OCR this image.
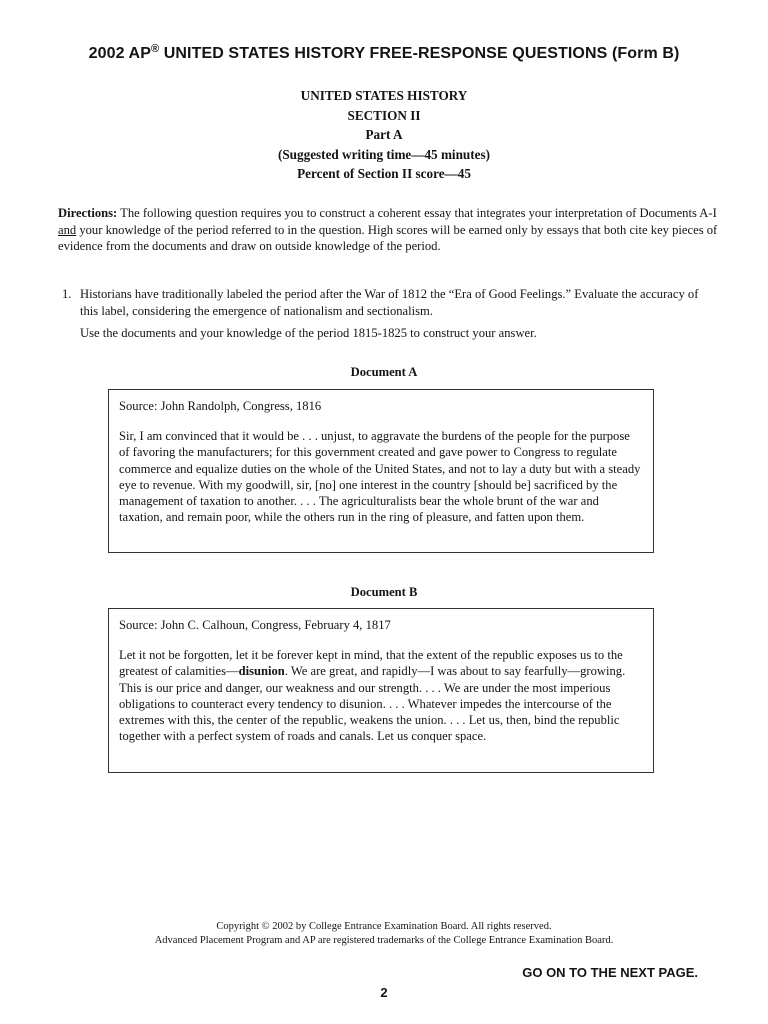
2002 AP® UNITED STATES HISTORY FREE-RESPONSE QUESTIONS (Form B)
UNITED STATES HISTORY
SECTION II
Part A
(Suggested writing time—45 minutes)
Percent of Section II score—45
Directions: The following question requires you to construct a coherent essay that integrates your interpretation of Documents A-I and your knowledge of the period referred to in the question. High scores will be earned only by essays that both cite key pieces of evidence from the documents and draw on outside knowledge of the period.
1. Historians have traditionally labeled the period after the War of 1812 the “Era of Good Feelings.” Evaluate the accuracy of this label, considering the emergence of nationalism and sectionalism.
Use the documents and your knowledge of the period 1815-1825 to construct your answer.
Document A

Source: John Randolph, Congress, 1816

Sir, I am convinced that it would be . . . unjust, to aggravate the burdens of the people for the purpose of favoring the manufacturers; for this government created and gave power to Congress to regulate commerce and equalize duties on the whole of the United States, and not to lay a duty but with a steady eye to revenue. With my goodwill, sir, [no] one interest in the country [should be] sacrificed by the management of taxation to another. . . . The agriculturalists bear the whole brunt of the war and taxation, and remain poor, while the others run in the ring of pleasure, and fatten upon them.

Document B

Source: John C. Calhoun, Congress, February 4, 1817

Let it not be forgotten, let it be forever kept in mind, that the extent of the republic exposes us to the greatest of calamities—disunion. We are great, and rapidly—I was about to say fearfully—growing. This is our price and danger, our weakness and our strength. . . . We are under the most imperious obligations to counteract every tendency to disunion. . . . Whatever impedes the intercourse of the extremes with this, the center of the republic, weakens the union. . . . Let us, then, bind the republic together with a perfect system of roads and canals. Let us conquer space.

Copyright © 2002 by College Entrance Examination Board. All rights reserved.
Advanced Placement Program and AP are registered trademarks of the College Entrance Examination Board.
GO ON TO THE NEXT PAGE.
2
